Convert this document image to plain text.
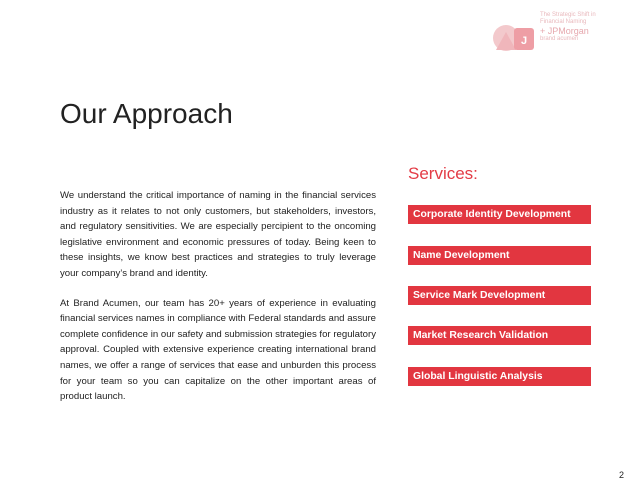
J
The Strategic Shift in
Financial Naming
+ JPMorgan
brand acumen
Our Approach

We understand the critical importance of naming in the financial services industry as it relates to not only customers, but stakeholders, investors, and regulatory sensitivities. We are especially percipient to the oncoming legislative environment and economic pressures of today. Being keen to these insights, we know best practices and strategies to truly leverage your company’s brand and identity.

At Brand Acumen, our team has 20+ years of experience in evaluating financial services names in compliance with Federal standards and assure complete confidence in our safety and submission strategies for regulatory approval. Coupled with extensive experience creating international brand names, we offer a range of services that ease and unburden this process for your team so you can capitalize on the other important areas of product launch.

Services:
Corporate Identity Development
Name Development
Service Mark Development
Market Research Validation
Global Linguistic Analysis
2
